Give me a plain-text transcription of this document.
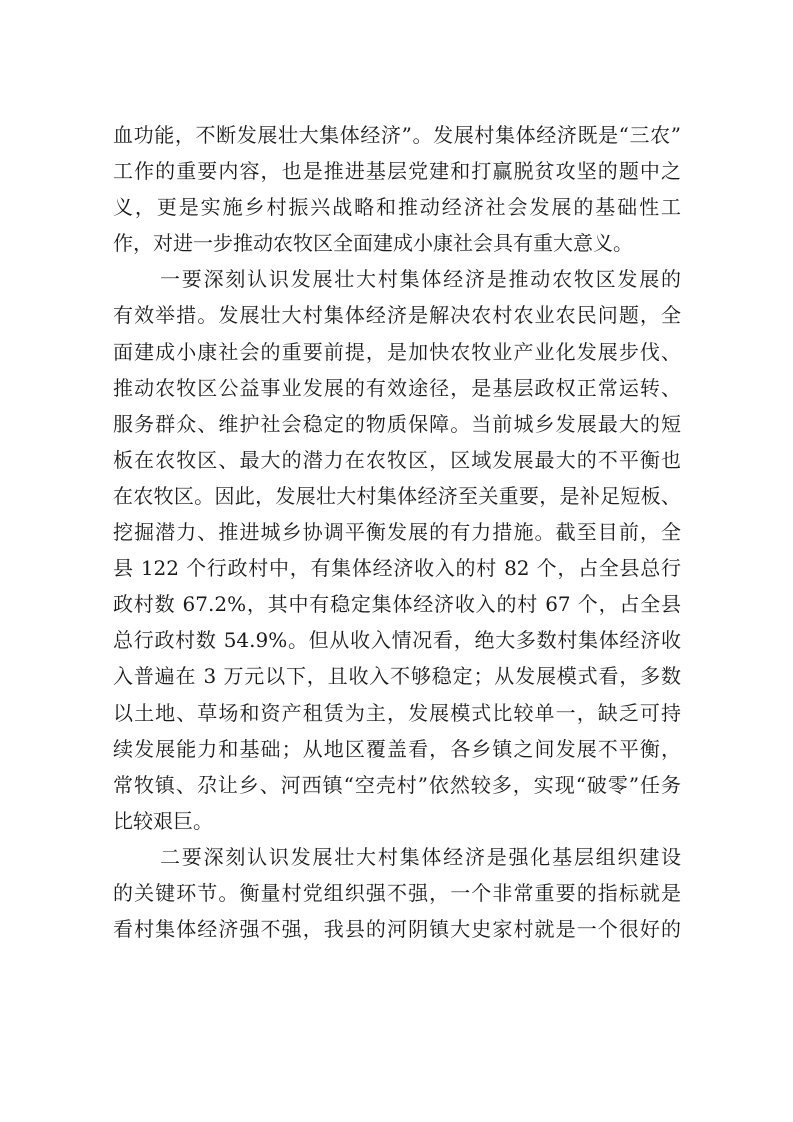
血功能，不断发展壮大集体经济”。发展村集体经济既是“三农”
工作的重要内容，也是推进基层党建和打赢脱贫攻坚的题中之
义，更是实施乡村振兴战略和推动经济社会发展的基础性工
作，对进一步推动农牧区全面建成小康社会具有重大意义。
一要深刻认识发展壮大村集体经济是推动农牧区发展的
有效举措。发展壮大村集体经济是解决农村农业农民问题，全
面建成小康社会的重要前提，是加快农牧业产业化发展步伐、
推动农牧区公益事业发展的有效途径，是基层政权正常运转、
服务群众、维护社会稳定的物质保障。当前城乡发展最大的短
板在农牧区、最大的潜力在农牧区，区域发展最大的不平衡也
在农牧区。因此，发展壮大村集体经济至关重要，是补足短板、
挖掘潜力、推进城乡协调平衡发展的有力措施。截至目前，全
县 122 个行政村中，有集体经济收入的村 82 个，占全县总行
政村数 67.2%，其中有稳定集体经济收入的村 67 个，占全县
总行政村数 54.9%。但从收入情况看，绝大多数村集体经济收
入普遍在 3 万元以下，且收入不够稳定；从发展模式看，多数
以土地、草场和资产租赁为主，发展模式比较单一，缺乏可持
续发展能力和基础；从地区覆盖看，各乡镇之间发展不平衡，
常牧镇、尕让乡、河西镇“空壳村”依然较多，实现“破零”任务
比较艰巨。
二要深刻认识发展壮大村集体经济是强化基层组织建设
的关键环节。衡量村党组织强不强，一个非常重要的指标就是
看村集体经济强不强，我县的河阴镇大史家村就是一个很好的
